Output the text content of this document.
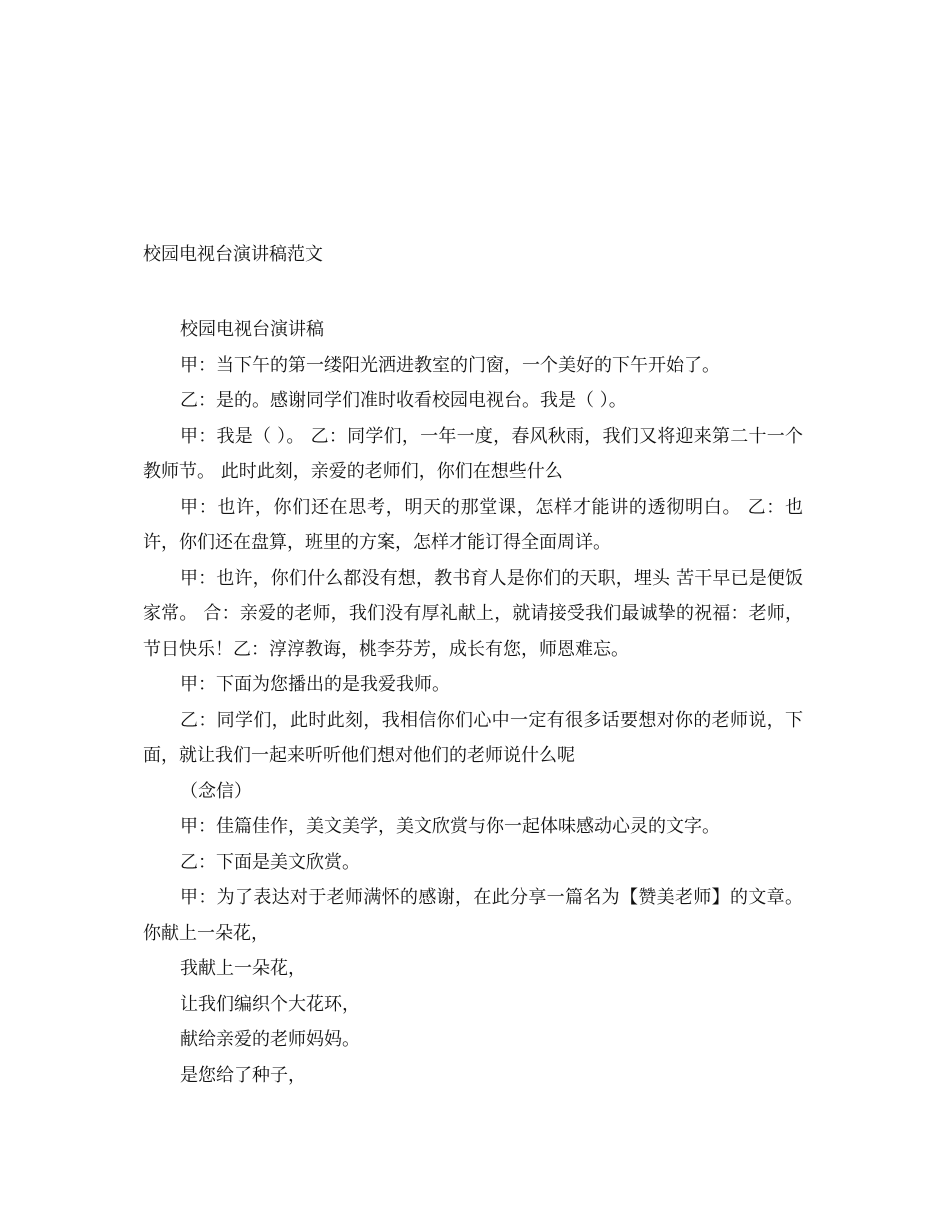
校园电视台演讲稿范文

校园电视台演讲稿

甲：当下午的第一缕阳光洒进教室的门窗，一个美好的下午开始了。

乙：是的。感谢同学们准时收看校园电视台。我是（ ）。

甲：我是（ ）。 乙：同学们，一年一度，春风秋雨，我们又将迎来第二十一个教师节。 此时此刻，亲爱的老师们，你们在想些什么

甲：也许，你们还在思考，明天的那堂课，怎样才能讲的透彻明白。 乙：也许，你们还在盘算，班里的方案，怎样才能订得全面周详。

甲：也许，你们什么都没有想，教书育人是你们的天职，埋头 苦干早已是便饭家常。 合：亲爱的老师，我们没有厚礼献上，就请接受我们最诚挚的祝福：老师，节日快乐！乙：淳淳教诲，桃李芬芳，成长有您，师恩难忘。

甲：下面为您播出的是我爱我师。

乙：同学们，此时此刻，我相信你们心中一定有很多话要想对你的老师说，下面，就让我们一起来听听他们想对他们的老师说什么呢

（念信）

甲：佳篇佳作，美文美学，美文欣赏与你一起体味感动心灵的文字。

乙：下面是美文欣赏。

甲：为了表达对于老师满怀的感谢，在此分享一篇名为【赞美老师】的文章。 你献上一朵花，

我献上一朵花，

让我们编织个大花环，

献给亲爱的老师妈妈。

是您给了种子，
